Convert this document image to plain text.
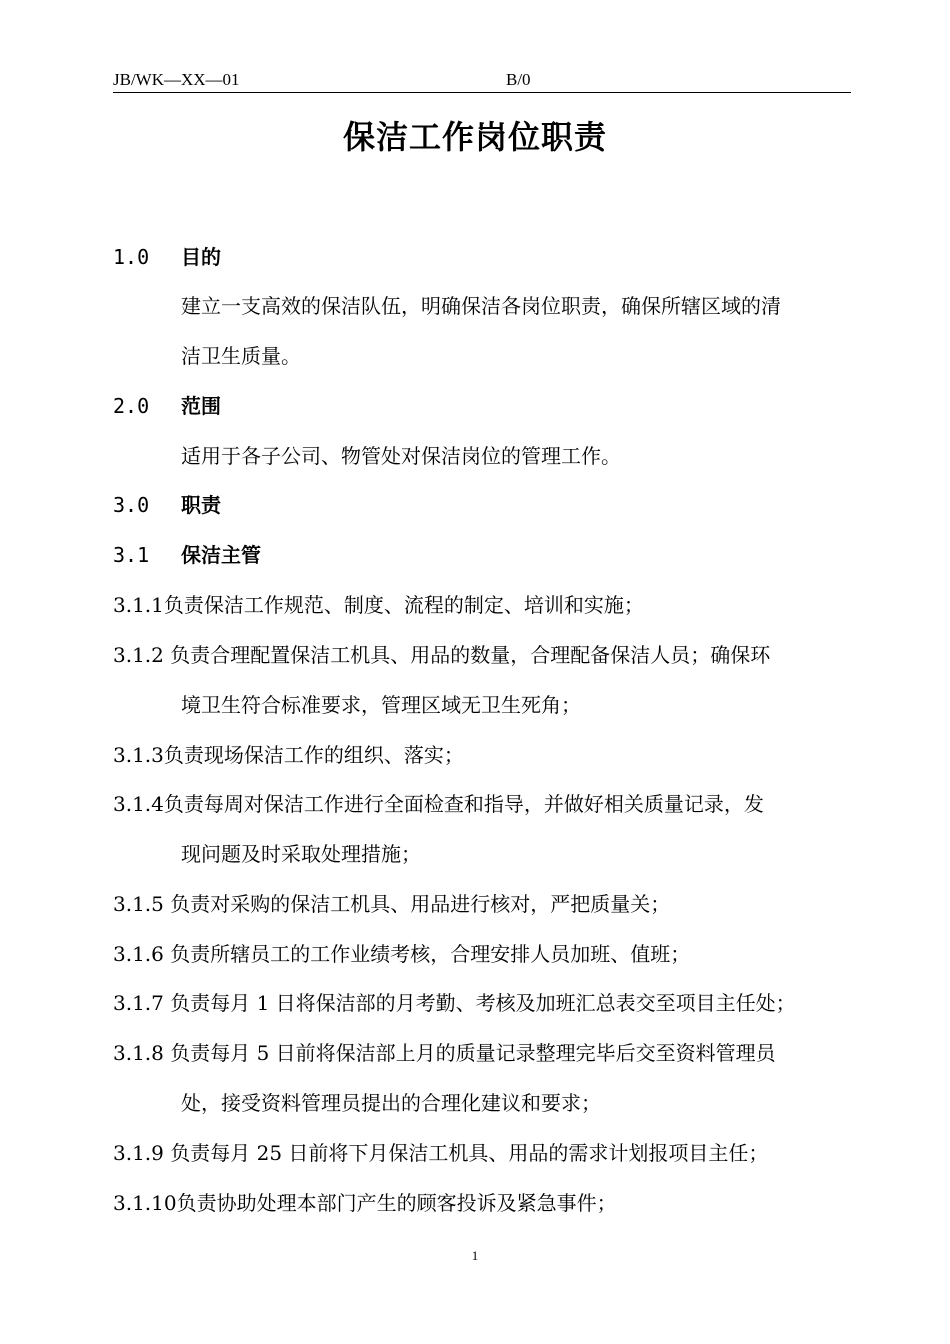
JB/WK—XX—01	B/0
保洁工作岗位职责
1.0 目的
建立一支高效的保洁队伍，明确保洁各岗位职责，确保所辖区域的清
洁卫生质量。
2.0 范围
适用于各子公司、物管处对保洁岗位的管理工作。
3.0 职责
3.1 保洁主管
3.1.1负责保洁工作规范、制度、流程的制定、培训和实施；
3.1.2 负责合理配置保洁工机具、用品的数量，合理配备保洁人员；确保环
境卫生符合标准要求，管理区域无卫生死角；
3.1.3负责现场保洁工作的组织、落实；
3.1.4负责每周对保洁工作进行全面检查和指导，并做好相关质量记录，发
现问题及时采取处理措施；
3.1.5 负责对采购的保洁工机具、用品进行核对，严把质量关；
3.1.6 负责所辖员工的工作业绩考核，合理安排人员加班、值班；
3.1.7 负责每月 1 日将保洁部的月考勤、考核及加班汇总表交至项目主任处；
3.1.8 负责每月 5 日前将保洁部上月的质量记录整理完毕后交至资料管理员
处，接受资料管理员提出的合理化建议和要求；
3.1.9 负责每月 25 日前将下月保洁工机具、用品的需求计划报项目主任；
3.1.10负责协助处理本部门产生的顾客投诉及紧急事件；
1
